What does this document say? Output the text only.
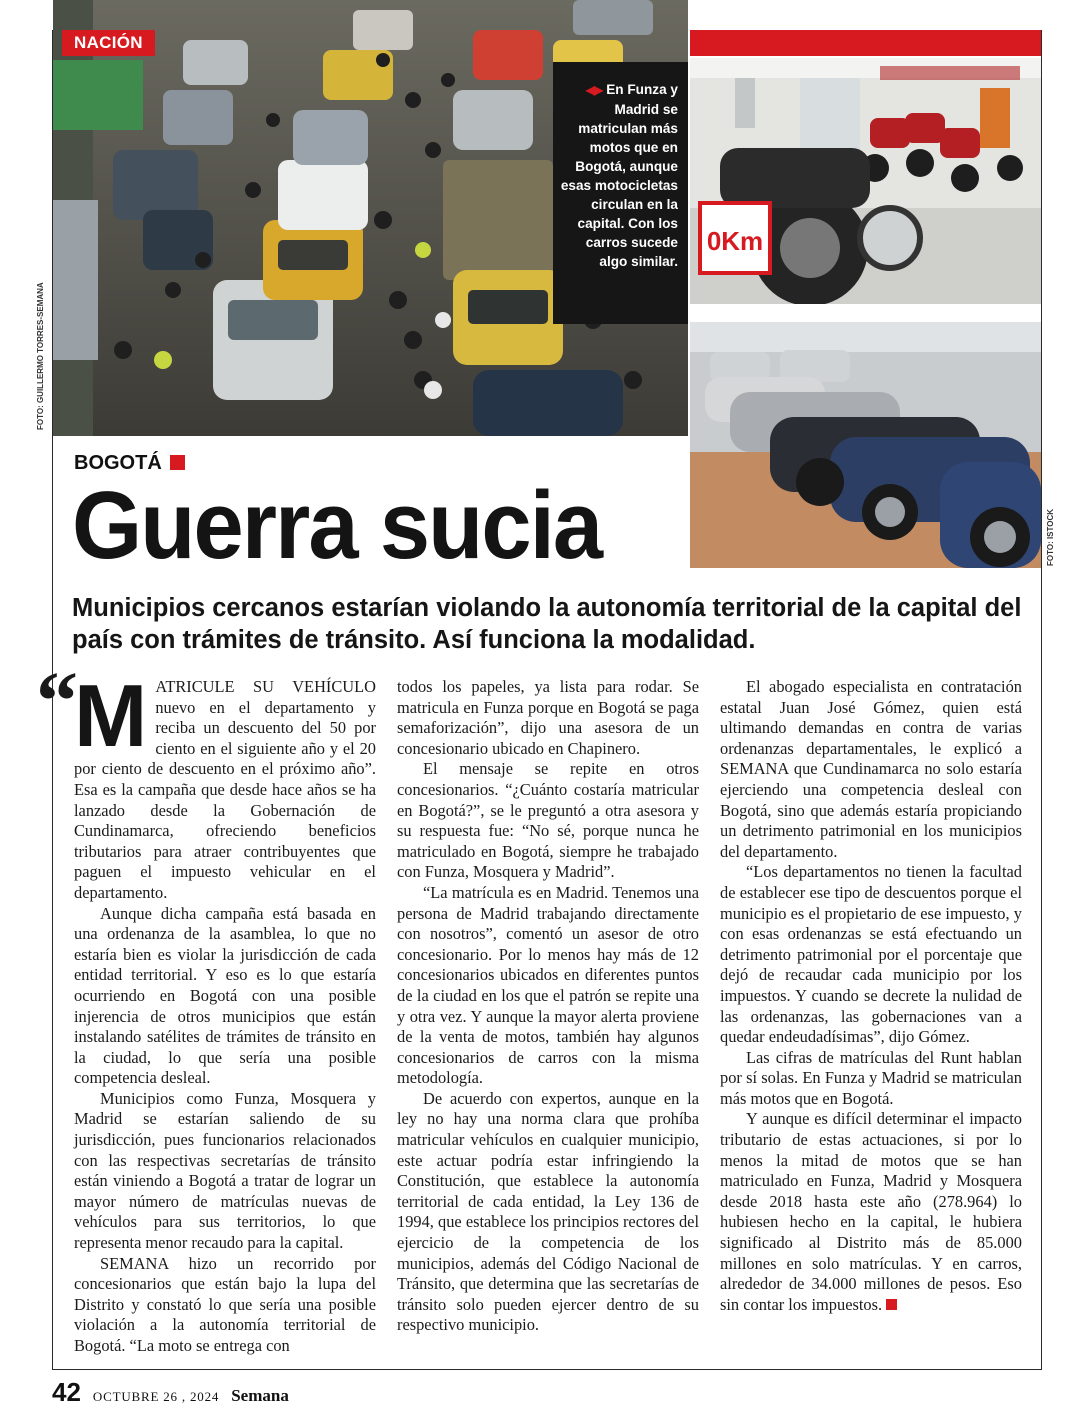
NACIÓN
0Km
◀▶ En Funza y Madrid se matriculan más motos que en Bogotá, aunque esas motocicletas circulan en la capital. Con los carros sucede algo similar.
FOTO: GUILLERMO TORRES-SEMANA
FOTO: ISTOCK
BOGOTÁ
Guerra sucia
Municipios cercanos estarían violando la autonomía territorial de la capital del país con trámites de tránsito. Así funciona la modalidad.
“

MATRICULE SU VEHÍCULO nuevo en el departamento y reciba un descuento del 50 por ciento en el siguiente año y el 20 por ciento de descuento en el próximo año”. Esa es la campaña que desde hace años se ha lanzado desde la Gobernación de Cundinamarca, ofreciendo beneficios tributarios para atraer contribuyentes que paguen el impuesto vehicular en el departamento.

Aunque dicha campaña está basada en una ordenanza de la asamblea, lo que no estaría bien es violar la jurisdicción de cada entidad territorial. Y eso es lo que estaría ocurriendo en Bogotá con una posible injerencia de otros municipios que están instalando satélites de trámites de tránsito en la ciudad, lo que sería una posible competencia desleal.

Municipios como Funza, Mosquera y Madrid se estarían saliendo de su jurisdicción, pues funcionarios relacionados con las respectivas secretarías de tránsito están viniendo a Bogotá a tratar de lograr un mayor número de matrículas nuevas de vehículos para sus territorios, lo que representa menor recaudo para la capital.

SEMANA hizo un recorrido por concesionarios que están bajo la lupa del Distrito y constató lo que sería una posible violación a la autonomía territorial de Bogotá. “La moto se entrega con

todos los papeles, ya lista para rodar. Se matricula en Funza porque en Bogotá se paga semaforización”, dijo una asesora de un concesionario ubicado en Chapinero.

El mensaje se repite en otros concesionarios. “¿Cuánto costaría matricular en Bogotá?”, se le preguntó a otra asesora y su respuesta fue: “No sé, porque nunca he matriculado en Bogotá, siempre he trabajado con Funza, Mosquera y Madrid”.

“La matrícula es en Madrid. Tenemos una persona de Madrid trabajando directamente con nosotros”, comentó un asesor de otro concesionario. Por lo menos hay más de 12 concesionarios ubicados en diferentes puntos de la ciudad en los que el patrón se repite una y otra vez. Y aunque la mayor alerta proviene de la venta de motos, también hay algunos concesionarios de carros con la misma metodología.

De acuerdo con expertos, aunque en la ley no hay una norma clara que prohíba matricular vehículos en cualquier municipio, este actuar podría estar infringiendo la Constitución, que establece la autonomía territorial de cada entidad, la Ley 136 de 1994, que establece los principios rectores del ejercicio de la competencia de los municipios, además del Código Nacional de Tránsito, que determina que las secretarías de tránsito solo pueden ejercer dentro de su respectivo municipio.

El abogado especialista en contratación estatal Juan José Gómez, quien está ultimando demandas en contra de varias ordenanzas departamentales, le explicó a SEMANA que Cundinamarca no solo estaría ejerciendo una competencia desleal con Bogotá, sino que además estaría propiciando un detrimento patrimonial en los municipios del departamento.

“Los departamentos no tienen la facultad de establecer ese tipo de descuentos porque el municipio es el propietario de ese impuesto, y con esas ordenanzas se está efectuando un detrimento patrimonial por el porcentaje que dejó de recaudar cada municipio por los impuestos. Y cuando se decrete la nulidad de las ordenanzas, las gobernaciones van a quedar endeudadísimas”, dijo Gómez.

Las cifras de matrículas del Runt hablan por sí solas. En Funza y Madrid se matriculan más motos que en Bogotá.

Y aunque es difícil determinar el impacto tributario de estas actuaciones, si por lo menos la mitad de motos que se han matriculado en Funza, Madrid y Mosquera desde 2018 hasta este año (278.964) lo hubiesen hecho en la capital, le hubiera significado al Distrito más de 85.000 millones en solo matrículas. Y en carros, alrededor de 34.000 millones de pesos. Eso sin contar los impuestos.

42 OCTUBRE 26 , 2024 Semana
